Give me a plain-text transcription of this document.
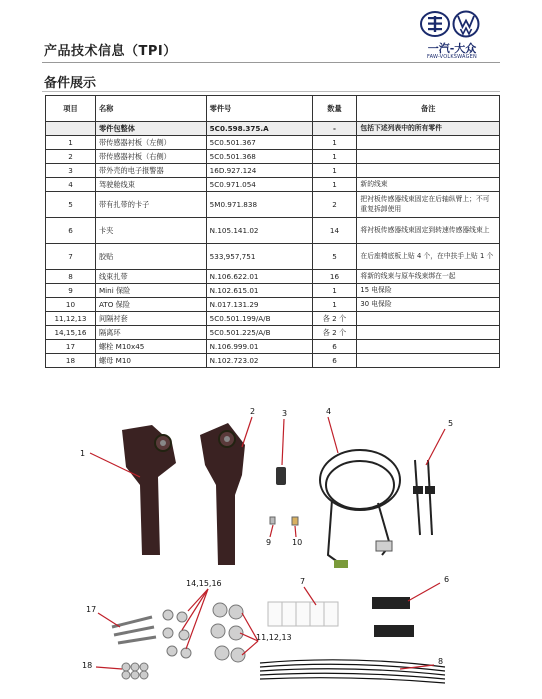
产品技术信息（TPI）	一汽-大众
FAW-VOLKSWAGEN
备件展示
项目	名称	零件号	数量	备注
	零件包整体	5C0.598.375.A	-	包括下述列表中的所有零件
1	带传感器衬板（左侧）	5C0.501.367	1	
2	带传感器衬板（右侧）	5C0.501.368	1	
3	带外壳的电子报警器	16D.927.124	1	
4	驾驶舱线束	5C0.971.054	1	新的线束
5	带有扎带的卡子	5M0.971.838	2	把衬板传感器线束固定在后轴纵臂上；不可重复拆卸使用
6	卡夹	N.105.141.02	14	将衬板传感器线束固定到转速传感器线束上
7	胶贴	533,957,751	5	在后座椅底板上贴 4 个，在中扶手上贴 1 个
8	线束扎带	N.106.622.01	16	将新的线束与原车线束绑在一起
9	Mini 保险	N.102.615.01	1	15 电保险
10	ATO 保险	N.017.131.29	1	30 电保险
11,12,13	间隔衬套	5C0.501.199/A/B	各 2 个	
14,15,16	隔离环	5C0.501.225/A/B	各 2 个	
17	螺栓 M10x45	N.106.999.01	6	
18	螺母 M10	N.102.723.02	6	
1
2	3	4
5
6
7
8
9	10
11,12,13
14,15,16
17
18
